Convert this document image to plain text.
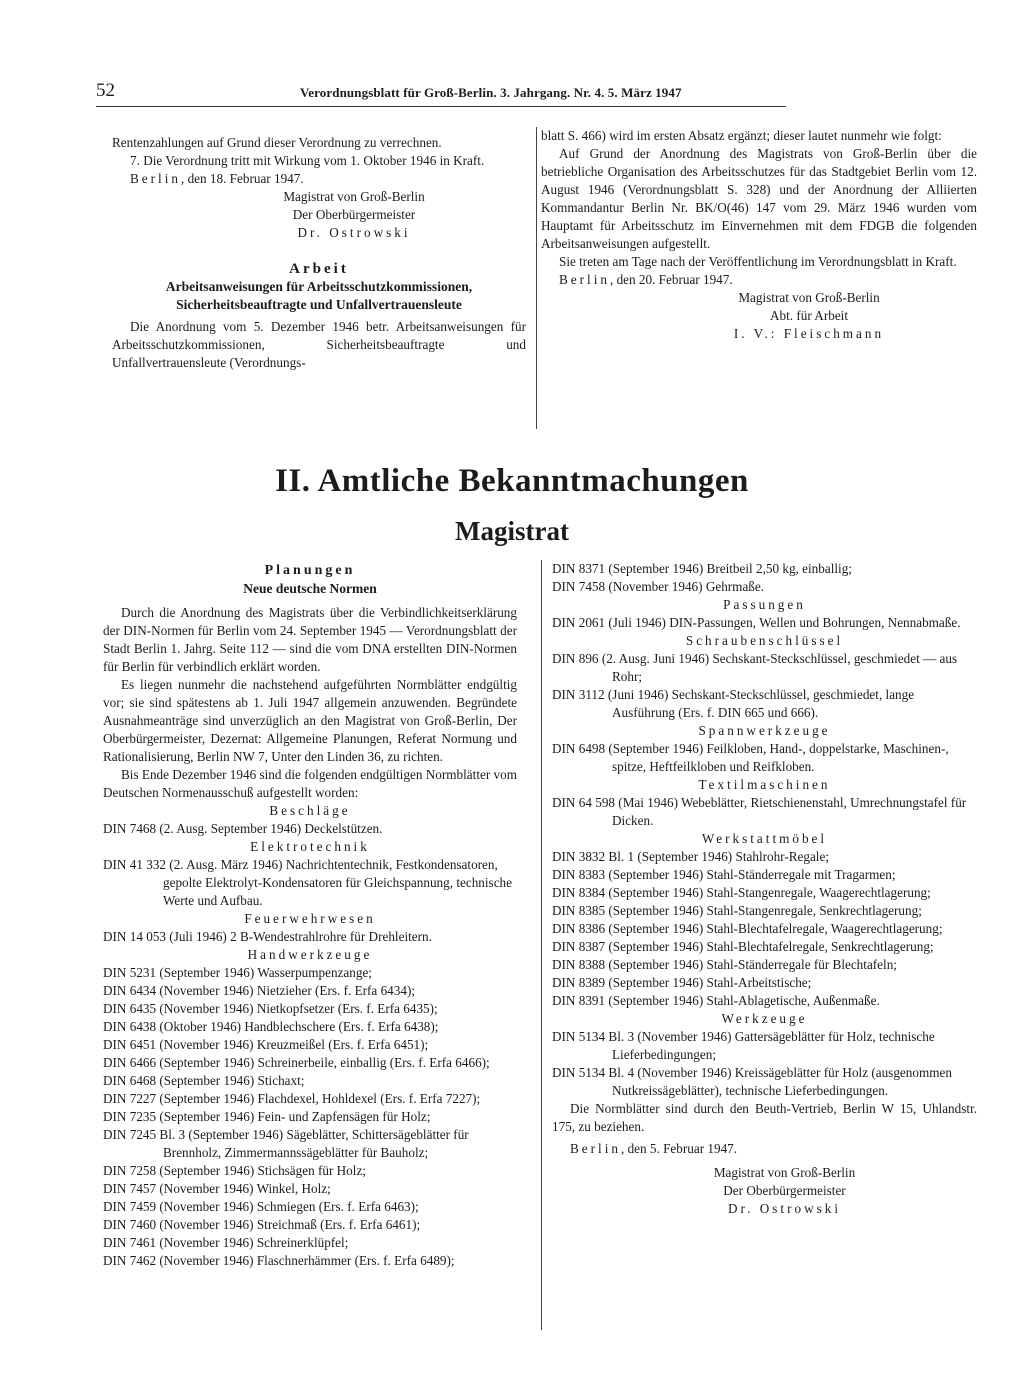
52	Verordnungsblatt für Groß-Berlin. 3. Jahrgang. Nr. 4. 5. März 1947

Rentenzahlungen auf Grund dieser Verordnung zu verrechnen.

7. Die Verordnung tritt mit Wirkung vom 1. Oktober 1946 in Kraft.

Berlin, den 18. Februar 1947.

Magistrat von Groß-Berlin

Der Oberbürgermeister

Dr. Ostrowski

Arbeit

Arbeitsanweisungen für Arbeitsschutzkommissionen, Sicherheitsbeauftragte und Unfallvertrauensleute

Die Anordnung vom 5. Dezember 1946 betr. Arbeitsanweisungen für Arbeitsschutzkommissionen, Sicherheitsbeauftragte und Unfallvertrauensleute (Verordnungs-

blatt S. 466) wird im ersten Absatz ergänzt; dieser lautet nunmehr wie folgt:

Auf Grund der Anordnung des Magistrats von Groß-Berlin über die betriebliche Organisation des Arbeitsschutzes für das Stadtgebiet Berlin vom 12. August 1946 (Verordnungsblatt S. 328) und der Anordnung der Alliierten Kommandantur Berlin Nr. BK/O(46) 147 vom 29. März 1946 wurden vom Hauptamt für Arbeitsschutz im Einvernehmen mit dem FDGB die folgenden Arbeitsanweisungen aufgestellt.

Sie treten am Tage nach der Veröffentlichung im Verordnungsblatt in Kraft.

Berlin, den 20. Februar 1947.

Magistrat von Groß-Berlin

Abt. für Arbeit

I. V.: Fleischmann

II. Amtliche Bekanntmachungen
Magistrat

Planungen

Neue deutsche Normen

Durch die Anordnung des Magistrats über die Verbindlichkeitserklärung der DIN-Normen für Berlin vom 24. September 1945 — Verordnungsblatt der Stadt Berlin 1. Jahrg. Seite 112 — sind die vom DNA erstellten DIN-Normen für Berlin für verbindlich erklärt worden.

Es liegen nunmehr die nachstehend aufgeführten Normblätter endgültig vor; sie sind spätestens ab 1. Juli 1947 allgemein anzuwenden. Begründete Ausnahmeanträge sind unverzüglich an den Magistrat von Groß-Berlin, Der Oberbürgermeister, Dezernat: Allgemeine Planungen, Referat Normung und Rationalisierung, Berlin NW 7, Unter den Linden 36, zu richten.

Bis Ende Dezember 1946 sind die folgenden endgültigen Normblätter vom Deutschen Normenausschuß aufgestellt worden:

Beschläge

DIN 7468 (2. Ausg. September 1946) Deckelstützen.

Elektrotechnik

DIN 41 332 (2. Ausg. März 1946) Nachrichtentechnik, Festkondensatoren, gepolte Elektrolyt-Kondensatoren für Gleichspannung, technische Werte und Aufbau.

Feuerwehrwesen

DIN 14 053 (Juli 1946) 2 B-Wendestrahlrohre für Drehleitern.

Handwerkzeuge

DIN 5231 (September 1946) Wasserpumpenzange;

DIN 6434 (November 1946) Nietzieher (Ers. f. Erfa 6434);

DIN 6435 (November 1946) Nietkopfsetzer (Ers. f. Erfa 6435);

DIN 6438 (Oktober 1946) Handblechschere (Ers. f. Erfa 6438);

DIN 6451 (November 1946) Kreuzmeißel (Ers. f. Erfa 6451);

DIN 6466 (September 1946) Schreinerbeile, einballig (Ers. f. Erfa 6466);

DIN 6468 (September 1946) Stichaxt;

DIN 7227 (September 1946) Flachdexel, Hohldexel (Ers. f. Erfa 7227);

DIN 7235 (September 1946) Fein- und Zapfensägen für Holz;

DIN 7245 Bl. 3 (September 1946) Sägeblätter, Schittersägeblätter für Brennholz, Zimmermannssägeblätter für Bauholz;

DIN 7258 (September 1946) Stichsägen für Holz;

DIN 7457 (November 1946) Winkel, Holz;

DIN 7459 (November 1946) Schmiegen (Ers. f. Erfa 6463);

DIN 7460 (November 1946) Streichmaß (Ers. f. Erfa 6461);

DIN 7461 (November 1946) Schreinerklüpfel;

DIN 7462 (November 1946) Flaschnerhämmer (Ers. f. Erfa 6489);

DIN 8371 (September 1946) Breitbeil 2,50 kg, einballig;

DIN 7458 (November 1946) Gehrmaße.

Passungen

DIN 2061 (Juli 1946) DIN-Passungen, Wellen und Bohrungen, Nennabmaße.

Schraubenschlüssel

DIN 896 (2. Ausg. Juni 1946) Sechskant-Steckschlüssel, geschmiedet — aus Rohr;

DIN 3112 (Juni 1946) Sechskant-Steckschlüssel, geschmiedet, lange Ausführung (Ers. f. DIN 665 und 666).

Spannwerkzeuge

DIN 6498 (September 1946) Feilkloben, Hand-, doppelstarke, Maschinen-, spitze, Heftfeilkloben und Reifkloben.

Textilmaschinen

DIN 64 598 (Mai 1946) Webeblätter, Rietschienenstahl, Umrechnungstafel für Dicken.

Werkstattmöbel

DIN 3832 Bl. 1 (September 1946) Stahlrohr-Regale;

DIN 8383 (September 1946) Stahl-Ständerregale mit Tragarmen;

DIN 8384 (September 1946) Stahl-Stangenregale, Waagerechtlagerung;

DIN 8385 (September 1946) Stahl-Stangenregale, Senkrechtlagerung;

DIN 8386 (September 1946) Stahl-Blechtafelregale, Waagerechtlagerung;

DIN 8387 (September 1946) Stahl-Blechtafelregale, Senkrechtlagerung;

DIN 8388 (September 1946) Stahl-Ständerregale für Blechtafeln;

DIN 8389 (September 1946) Stahl-Arbeitstische;

DIN 8391 (September 1946) Stahl-Ablagetische, Außenmaße.

Werkzeuge

DIN 5134 Bl. 3 (November 1946) Gattersägeblätter für Holz, technische Lieferbedingungen;

DIN 5134 Bl. 4 (November 1946) Kreissägeblätter für Holz (ausgenommen Nutkreissägeblätter), technische Lieferbedingungen.

Die Normblätter sind durch den Beuth-Vertrieb, Berlin W 15, Uhlandstr. 175, zu beziehen.

Berlin, den 5. Februar 1947.

Magistrat von Groß-Berlin

Der Oberbürgermeister

Dr. Ostrowski
